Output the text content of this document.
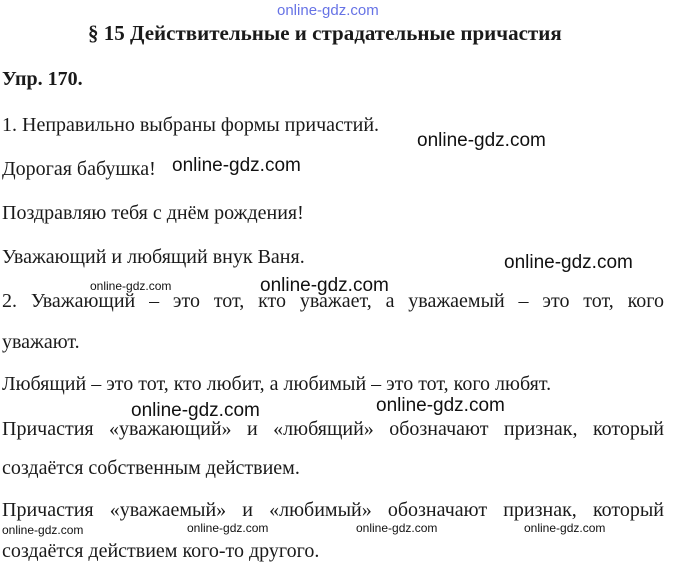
online-gdz.com
§ 15 Действительные и страдательные причастия
Упр. 170.
1. Неправильно выбраны формы причастий.
Дорогая бабушка!
Поздравляю тебя с днём рождения!
Уважающий и любящий внук Ваня.
2. Уважающий – это тот, кто уважает, а уважаемый – это тот, кого
уважают.
Любящий – это тот, кто любит, а любимый – это тот, кого любят.
Причастия «уважающий» и «любящий» обозначают признак, который
создаётся собственным действием.
Причастия «уважаемый» и «любимый» обозначают признак, который
создаётся действием кого-то другого.
online-gdz.com
online-gdz.com
online-gdz.com
online-gdz.com	online-gdz.com
online-gdz.com
online-gdz.com
online-gdz.com	online-gdz.com	online-gdz.com	online-gdz.com
